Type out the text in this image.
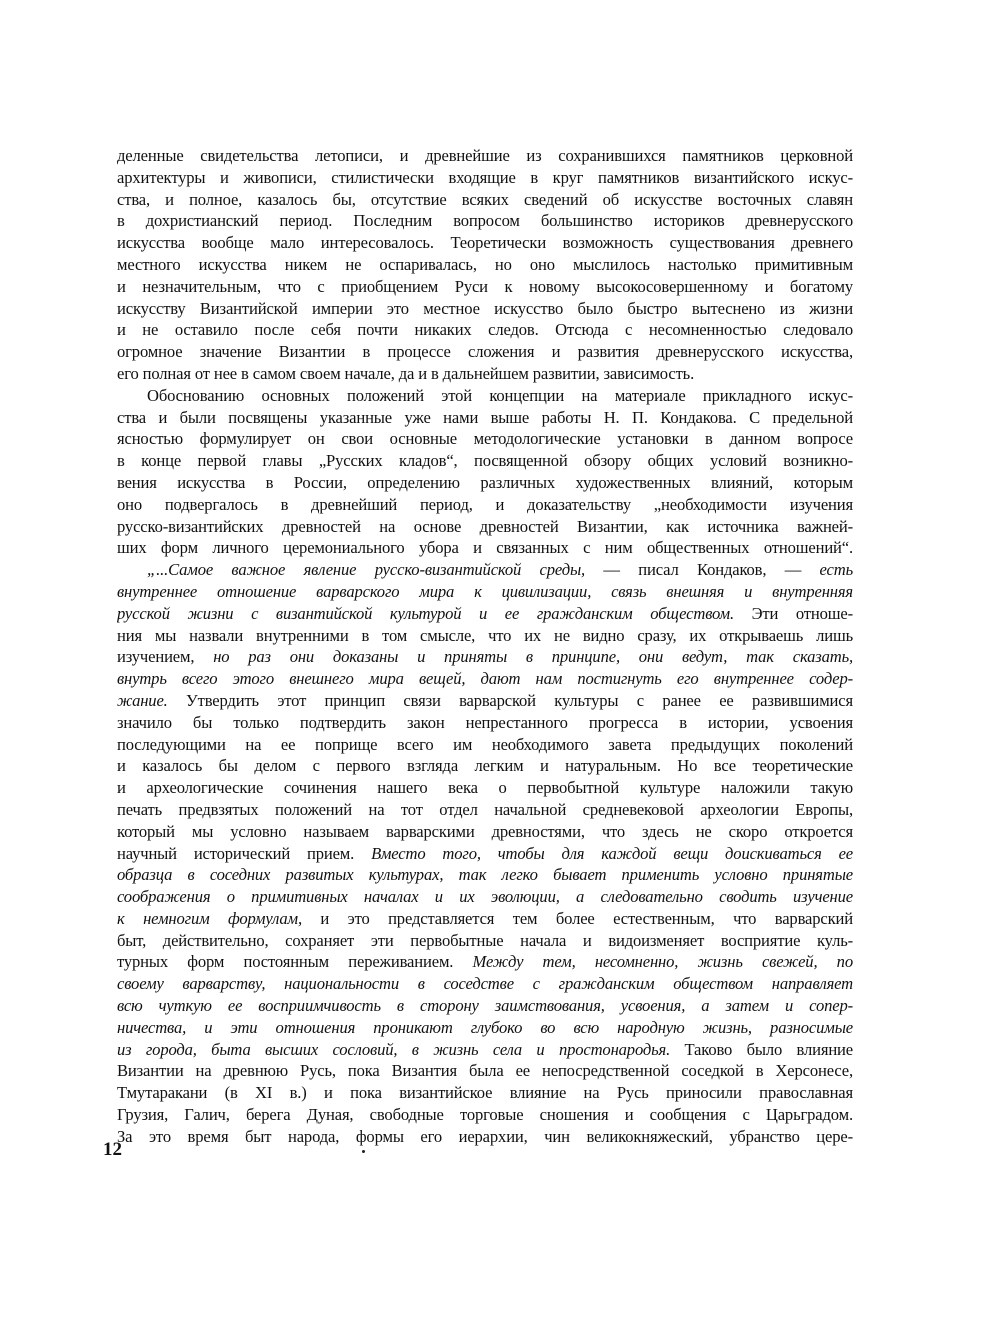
деленные свидетельства летописи, и древнейшие из сохранившихся памятников церковной
архитектуры и живописи, стилистически входящие в круг памятников византийского искус-
ства, и полное, казалось бы, отсутствие всяких сведений об искусстве восточных славян
в дохристианский период. Последним вопросом большинство историков древнерусского
искусства вообще мало интересовалось. Теоретически возможность существования древнего
местного искусства никем не оспаривалась, но оно мыслилось настолько примитивным
и незначительным, что с приобщением Руси к новому высокосовершенному и богатому
искусству Византийской империи это местное искусство было быстро вытеснено из жизни
и не оставило после себя почти никаких следов. Отсюда с несомненностью следовало
огромное значение Византии в процессе сложения и развития древнерусского искусства,
его полная от нее в самом своем начале, да и в дальнейшем развитии, зависимость.
Обоснованию основных положений этой концепции на материале прикладного искус-
ства и были посвящены указанные уже нами выше работы Н. П. Кондакова. С предельной
ясностью формулирует он свои основные методологические установки в данном вопросе
в конце первой главы „Русских кладов“, посвященной обзору общих условий возникно-
вения искусства в России, определению различных художественных влияний, которым
оно подвергалось в древнейший период, и доказательству „необходимости изучения
русско-византийских древностей на основе древностей Византии, как источника важней-
ших форм личного церемониального убора и связанных с ним общественных отношений“.
„...Самое важное явление русско-византийской среды, — писал Кондаков, — есть
внутреннее отношение варварского мира к цивилизации, связь внешняя и внутренняя
русской жизни с византийской культурой и ее гражданским обществом. Эти отноше-
ния мы назвали внутренними в том смысле, что их не видно сразу, их открываешь лишь
изучением, но раз они доказаны и приняты в принципе, они ведут, так сказать,
внутрь всего этого внешнего мира вещей, дают нам постигнуть его внутреннее содер-
жание. Утвердить этот принцип связи варварской культуры с ранее ее развившимися
значило бы только подтвердить закон непрестанного прогресса в истории, усвоения
последующими на ее поприще всего им необходимого завета предыдущих поколений
и казалось бы делом с первого взгляда легким и натуральным. Но все теоретические
и археологические сочинения нашего века о первобытной культуре наложили такую
печать предвзятых положений на тот отдел начальной средневековой археологии Европы,
который мы условно называем варварскими древностями, что здесь не скоро откроется
научный исторический прием. Вместо того, чтобы для каждой вещи доискиваться ее
образца в соседних развитых культурах, так легко бывает применить условно принятые
соображения о примитивных началах и их эволюции, а следовательно сводить изучение
к немногим формулам, и это представляется тем более естественным, что варварский
быт, действительно, сохраняет эти первобытные начала и видоизменяет восприятие куль-
турных форм постоянным переживанием. Между тем, несомненно, жизнь свежей, по
своему варварству, национальности в соседстве с гражданским обществом направляет
всю чуткую ее восприимчивость в сторону заимствования, усвоения, а затем и сопер-
ничества, и эти отношения проникают глубоко во всю народную жизнь, разносимые
из города, быта высших сословий, в жизнь села и простонародья. Таково было влияние
Византии на древнюю Русь, пока Византия была ее непосредственной соседкой в Херсонесе,
Тмутаракани (в XI в.) и пока византийское влияние на Русь приносили православная
Грузия, Галич, берега Дуная, свободные торговые сношения и сообщения с Царьградом.
За это время быт народа, формы его иерархии, чин великокняжеский, убранство цере-
12
